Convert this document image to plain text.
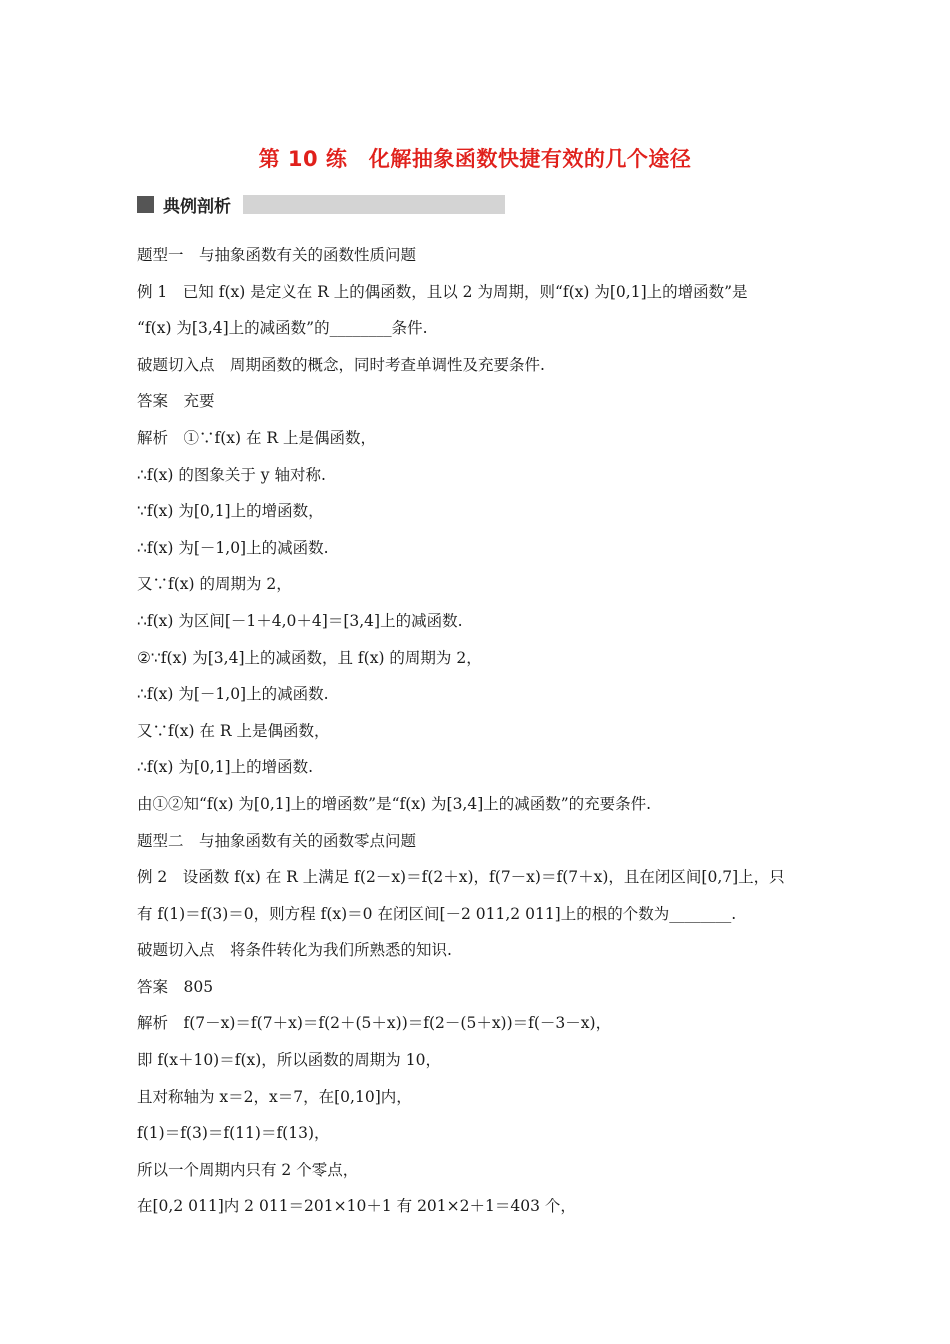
第 10 练　化解抽象函数快捷有效的几个途径
典例剖析
题型一　与抽象函数有关的函数性质问题
例 1　已知 f(x) 是定义在 R 上的偶函数，且以 2 为周期，则“f(x) 为[0,1]上的增函数”是
“f(x) 为[3,4]上的减函数”的________条件.
破题切入点　周期函数的概念，同时考查单调性及充要条件.
答案　充要
解析　①∵f(x) 在 R 上是偶函数，
∴f(x) 的图象关于 y 轴对称.
∵f(x) 为[0,1]上的增函数，
∴f(x) 为[－1,0]上的减函数.
又∵f(x) 的周期为 2，
∴f(x) 为区间[－1＋4,0＋4]＝[3,4]上的减函数.
②∵f(x) 为[3,4]上的减函数，且 f(x) 的周期为 2，
∴f(x) 为[－1,0]上的减函数.
又∵f(x) 在 R 上是偶函数，
∴f(x) 为[0,1]上的增函数.
由①②知“f(x) 为[0,1]上的增函数”是“f(x) 为[3,4]上的减函数”的充要条件.
题型二　与抽象函数有关的函数零点问题
例 2　设函数 f(x) 在 R 上满足 f(2－x)＝f(2＋x)，f(7－x)＝f(7＋x)，且在闭区间[0,7]上，只
有 f(1)＝f(3)＝0，则方程 f(x)＝0 在闭区间[－2 011,2 011]上的根的个数为________.
破题切入点　将条件转化为我们所熟悉的知识.
答案　805
解析　f(7－x)＝f(7＋x)＝f(2＋(5＋x))＝f(2－(5＋x))＝f(－3－x)，
即 f(x＋10)＝f(x)，所以函数的周期为 10，
且对称轴为 x＝2，x＝7，在[0,10]内，
f(1)＝f(3)＝f(11)＝f(13)，
所以一个周期内只有 2 个零点，
在[0,2 011]内 2 011＝201×10＋1 有 201×2＋1＝403 个，
